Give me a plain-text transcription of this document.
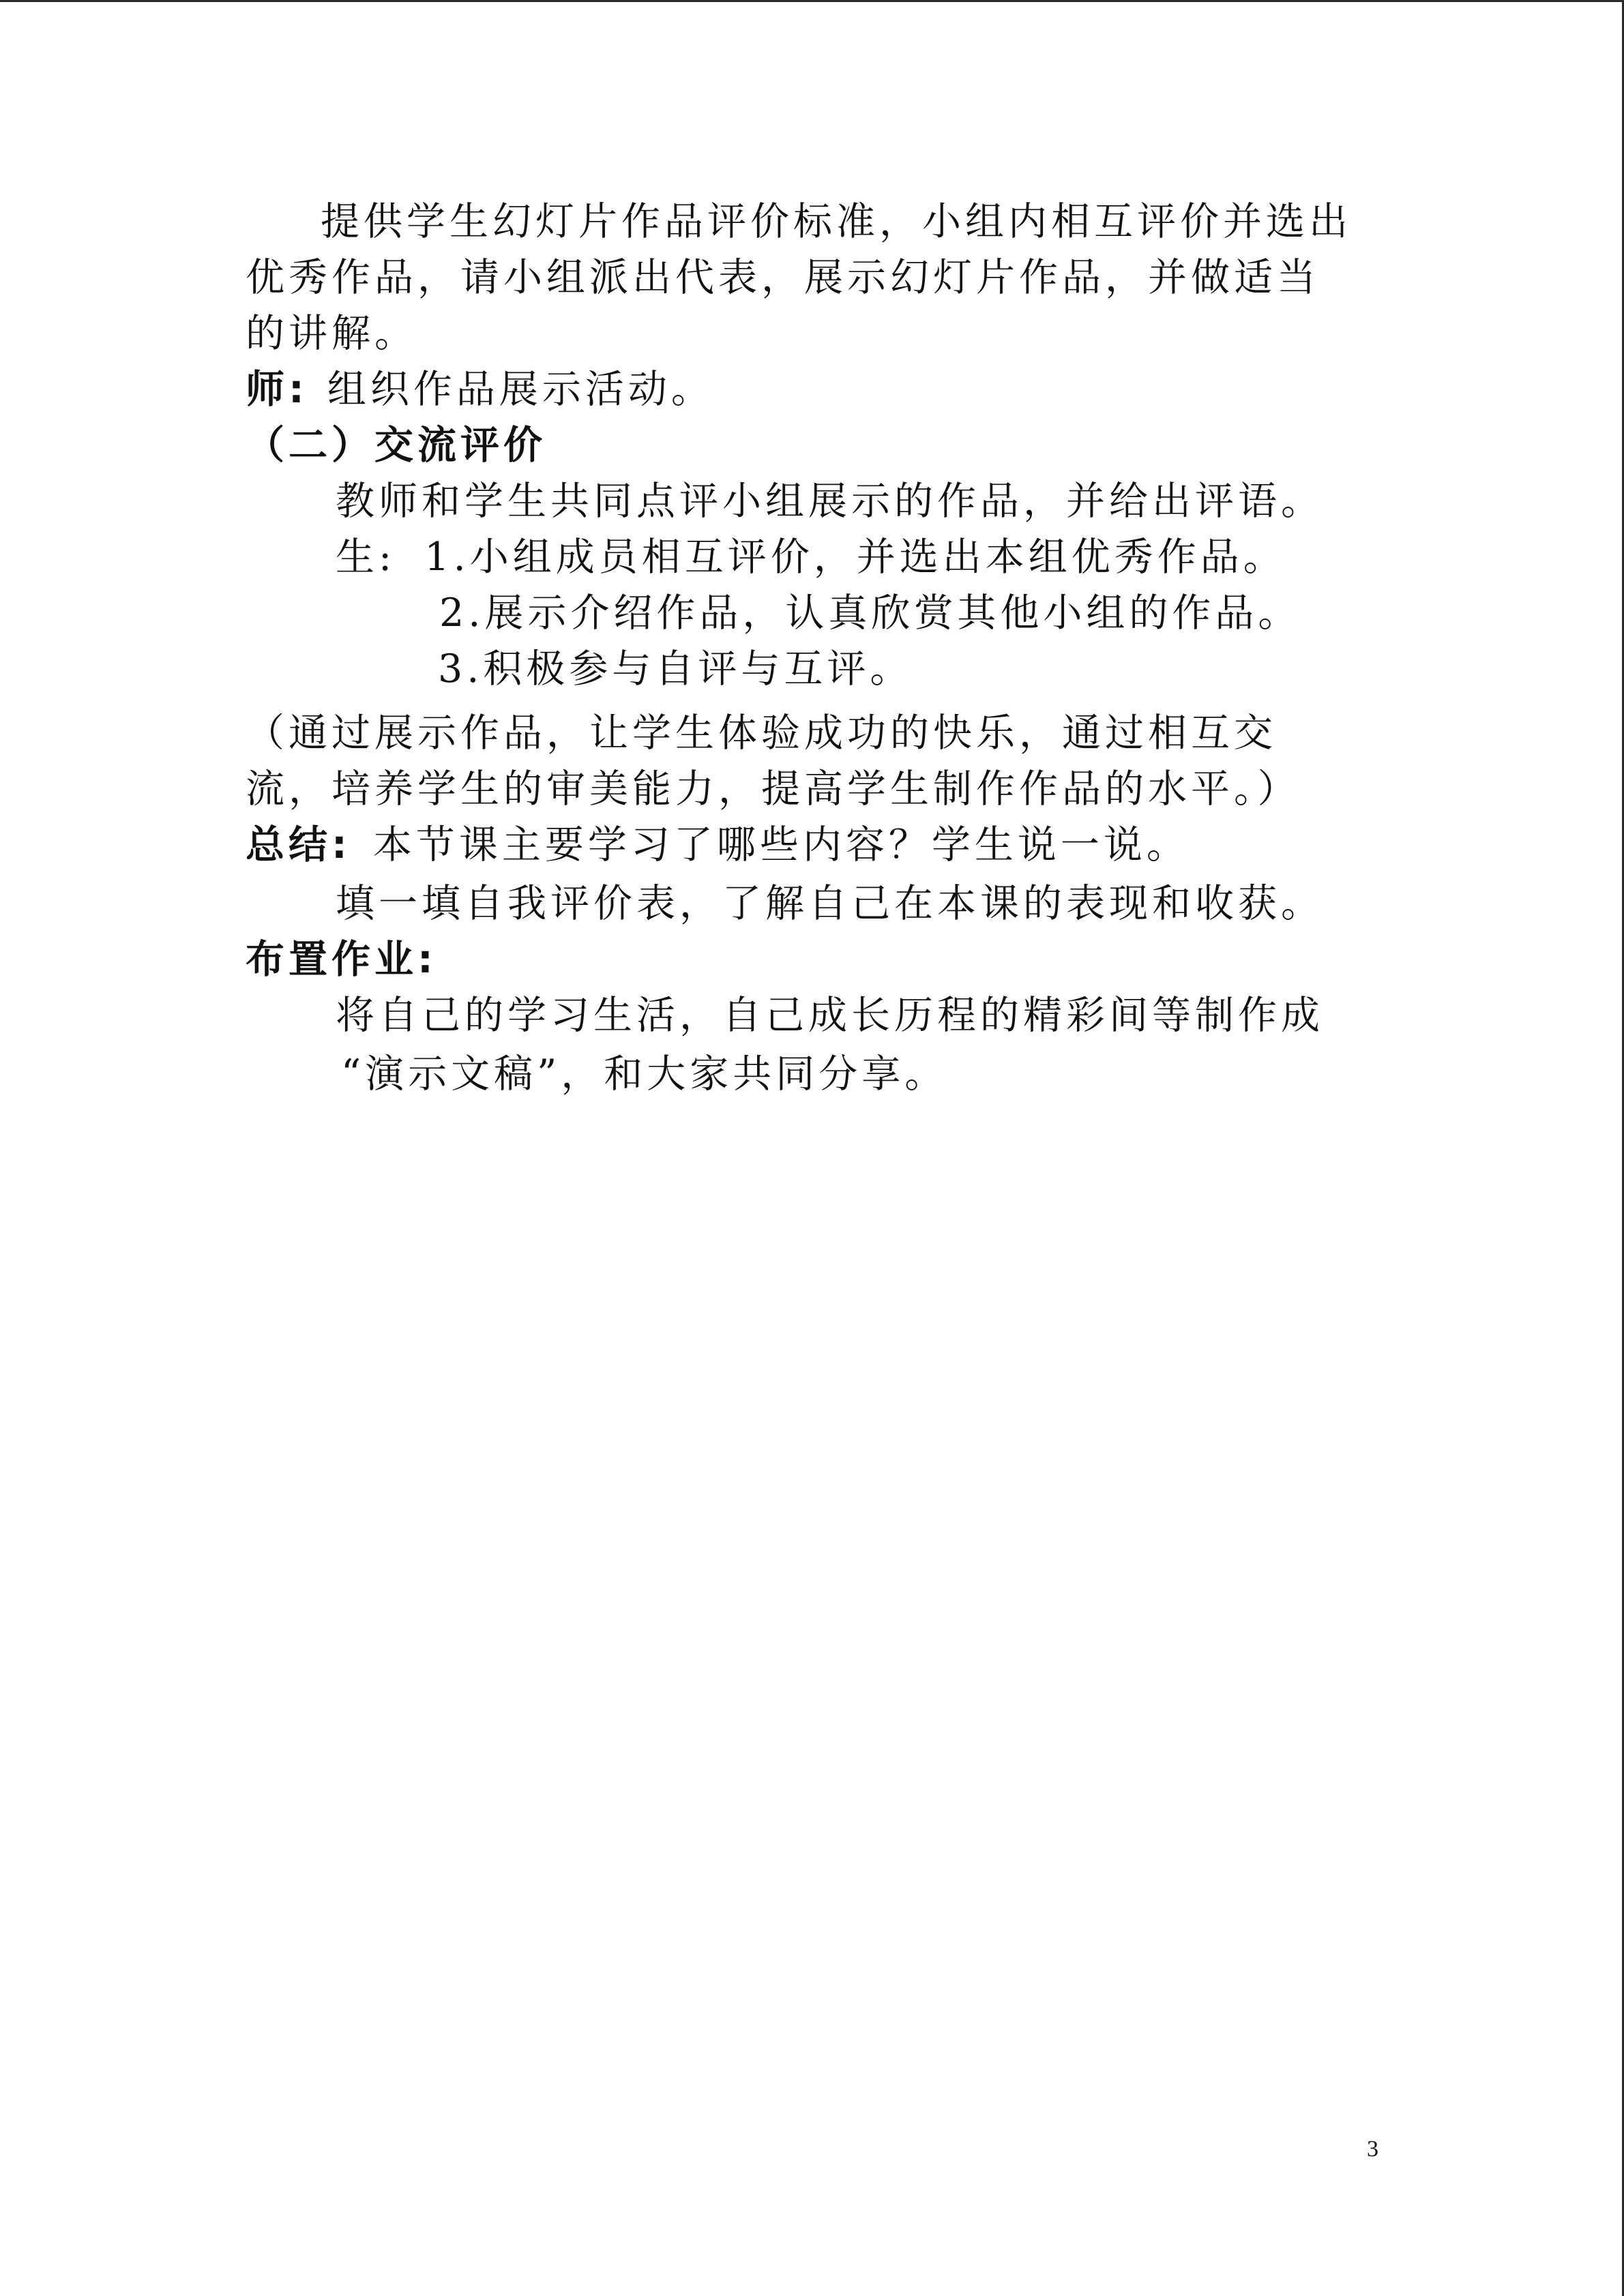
提供学生幻灯片作品评价标准，小组内相互评价并选出
优秀作品，请小组派出代表，展示幻灯片作品，并做适当
的讲解。
师: 组织作品展示活动。
（二）交流评价
教师和学生共同点评小组展示的作品，并给出评语。
生: 1.小组成员相互评价，并选出本组优秀作品。
2.展示介绍作品，认真欣赏其他小组的作品。
3.积极参与自评与互评。
（通过展示作品，让学生体验成功的快乐，通过相互交
流，培养学生的审美能力，提高学生制作作品的水平。）
总结: 本节课主要学习了哪些内容？学生说一说。
填一填自我评价表，了解自己在本课的表现和收获。
布置作业:
将自己的学习生活，自己成长历程的精彩间等制作成
“演示文稿”，和大家共同分享。
3
